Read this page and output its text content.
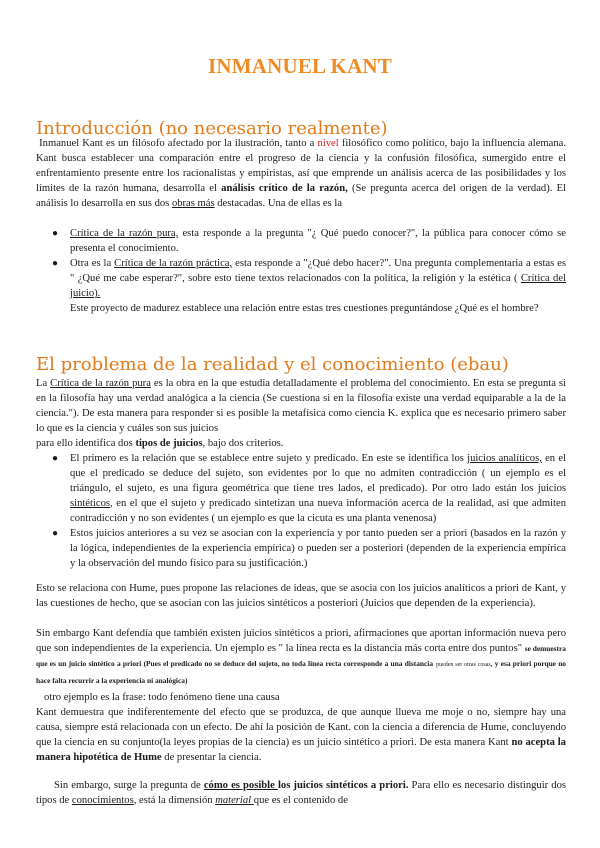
INMANUEL KANT
Introducción (no necesario realmente)
Inmanuel Kant es un filósofo afectado por la ilustración, tanto a nivel filosófico como político, bajo la influencia alemana. Kant busca establecer una comparación entre el progreso de la ciencia y la confusión filosófica, sumergido entre el enfrentamiento presente entre los racionalistas y empiristas, así que emprende un análisis acerca de las posibilidades y los límites de la razón humana, desarrolla el análisis crítico de la razón, (Se pregunta acerca del origen de la verdad). El análisis lo desarrolla en sus dos obras más destacadas. Una de ellas es la
● Crítica de la razón pura, esta responde a la pregunta "¿ Qué puedo conocer?", la pública para conocer cómo se presenta el conocimiento.
● Otra es la Crítica de la razón práctica, esta responde a "¿Qué debo hacer?". Una pregunta complementaria a estas es " ¿Qué me cabe esperar?", sobre esto tiene textos relacionados con la política, la religión y la estética ( Crítica del juicio).
Este proyecto de madurez establece una relación entre estas tres cuestiones preguntándose ¿Qué es el hombre?
El problema de la realidad y el conocimiento (ebau)
La Crítica de la razón pura es la obra en la que estudia detalladamente el problema del conocimiento. En esta se pregunta si en la filosofía hay una verdad analógica a la ciencia (Se cuestiona si en la filosofía existe una verdad equiparable a la de la ciencia."). De esta manera para responder si es posible la metafísica como ciencia K. explica que es necesario primero saber lo que es la ciencia y cuáles son sus juicios
para ello identifica dos tipos de juicios, bajo dos criterios.
● El primero es la relación que se establece entre sujeto y predicado. En este se identifica los juicios analíticos, en el que el predicado se deduce del sujeto, son evidentes por lo que no admiten contradicción ( un ejemplo es el triángulo, el sujeto, es una figura geométrica que tiene tres lados, el predicado). Por otro lado están los juicios sintéticos, en el que el sujeto y predicado sintetizan una nueva información acerca de la realidad, así que admiten contradicción y no son evidentes ( un ejemplo es que la cicuta es una planta venenosa)
● Estos juicios anteriores a su vez se asocian con la experiencia y por tanto pueden ser a priori (basados en la razón y la lógica, independientes de la experiencia empírica) o pueden ser a posteriori (dependen de la experiencia empírica y la observación del mundo físico para su justificación.)
Esto se relaciona con Hume, pues propone las relaciones de ideas, que se asocia con los juicios analíticos a priori de Kant, y las cuestiones de hecho, que se asocian con las juicios sintéticos a posteriori (Juicios que dependen de la experiencia).
Sin embargo Kant defendía que también existen juicios sintéticos a priori, afirmaciones que aportan información nueva pero que son independientes de la experiencia. Un ejemplo es " la línea recta es la distancia más corta entre dos puntos" se demuestra que es un juicio sintético a priori (Pues el predicado no se deduce del sujeto, no toda línea recta corresponde a una distancia pueden ser otras cosas, y esa priori porque no hace falta recurrir a la experiencia ni analógica)
otro ejemplo es la frase: todo fenómeno tiene una causa
Kant demuestra que indiferentemente del efecto que se produzca, de que aunque llueva me moje o no, siempre hay una causa, siempre está relacionada con un efecto. De ahí la posición de Kant. con la ciencia a diferencia de Hume, concluyendo que la ciencia en su conjunto(la leyes propias de la ciencia) es un juicio sintético a priori. De esta manera Kant no acepta la manera hipotética de Hume de presentar la ciencia.
Sin embargo, surge la pregunta de cómo es posible los juicios sintéticos a priori. Para ello es necesario distinguir dos tipos de conocimientos, está la dimensión material que es el contenido de
